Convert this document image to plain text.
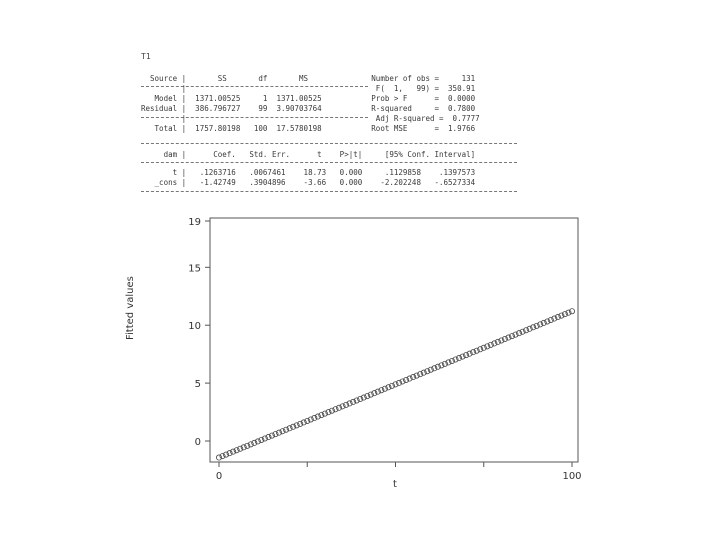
T1
Source |       SS       df       MS              Number of obs =     131
|                                          F(  1,   99) =  350.91
Model |  1371.00525     1  1371.00525           Prob > F      =  0.0000
Residual |  386.796727    99  3.90703764           R-squared     =  0.7800
|                                          Adj R-squared =  0.7777
Total |  1757.80198   100  17.5780198           Root MSE      =  1.9766
dam |      Coef.   Std. Err.      t    P>|t|     [95% Conf. Interval]
t |   .1263716   .0067461    18.73   0.000     .1129858    .1397573
_cons |   -1.42749   .3904896    -3.66   0.000    -2.202248   -.6527334
0
5
10
15
19
0	100
Fitted values
t
